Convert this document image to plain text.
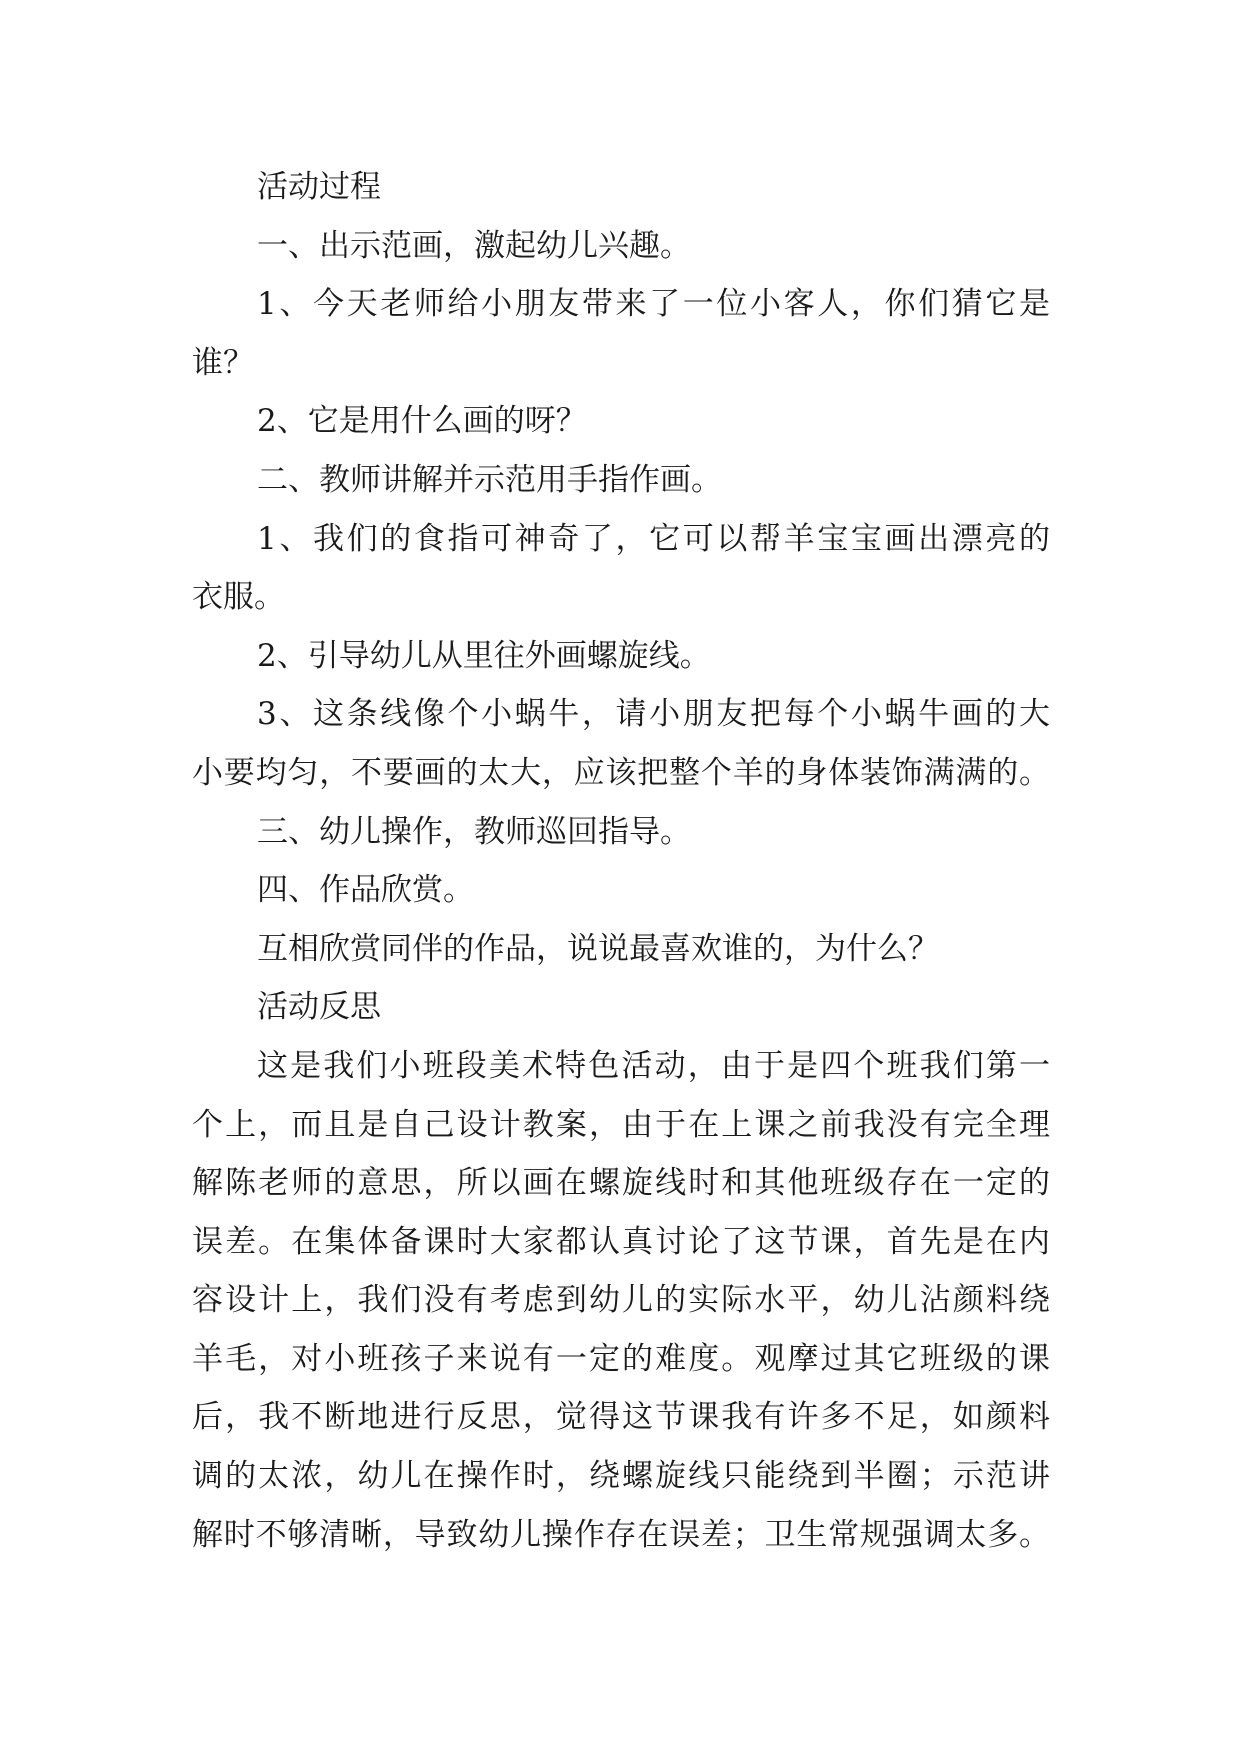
活动过程
一、出示范画，激起幼儿兴趣。
1、今天老师给小朋友带来了一位小客人，你们猜它是
谁？
2、它是用什么画的呀？
二、教师讲解并示范用手指作画。
1、我们的食指可神奇了，它可以帮羊宝宝画出漂亮的
衣服。
2、引导幼儿从里往外画螺旋线。
3、这条线像个小蜗牛，请小朋友把每个小蜗牛画的大
小要均匀，不要画的太大，应该把整个羊的身体装饰满满的。
三、幼儿操作，教师巡回指导。
四、作品欣赏。
互相欣赏同伴的作品，说说最喜欢谁的，为什么？
活动反思
这是我们小班段美术特色活动，由于是四个班我们第一
个上，而且是自己设计教案，由于在上课之前我没有完全理
解陈老师的意思，所以画在螺旋线时和其他班级存在一定的
误差。在集体备课时大家都认真讨论了这节课，首先是在内
容设计上，我们没有考虑到幼儿的实际水平，幼儿沾颜料绕
羊毛，对小班孩子来说有一定的难度。观摩过其它班级的课
后，我不断地进行反思，觉得这节课我有许多不足，如颜料
调的太浓，幼儿在操作时，绕螺旋线只能绕到半圈；示范讲
解时不够清晰，导致幼儿操作存在误差；卫生常规强调太多。
